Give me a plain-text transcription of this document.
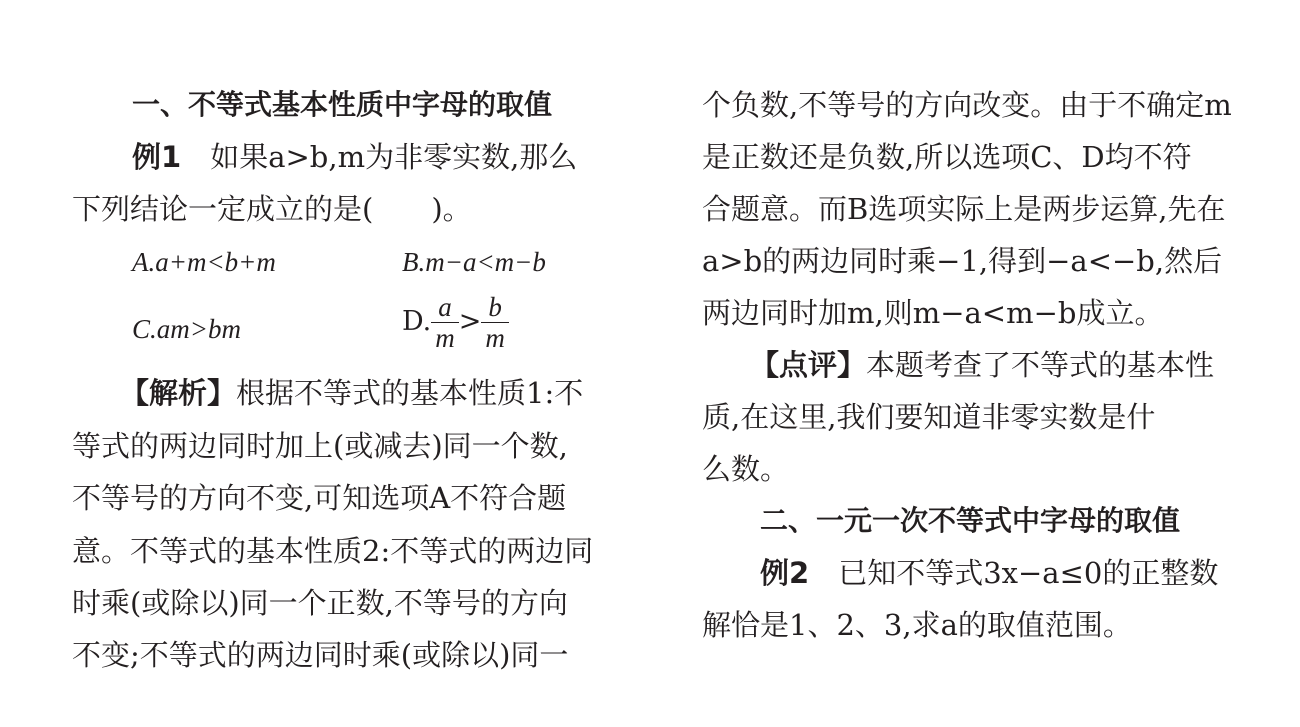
一、不等式基本性质中字母的取值
例1　 如果a>b,m为非零实数,那么
下列结论一定成立的是(　　)。
A.a+m<b+m	B.m−a<m−b
C.am>bm	D. $\frac{a}{m} > \frac{b}{m}$
【解析】根据不等式的基本性质1:不
等式的两边同时加上(或减去)同一个数,
不等号的方向不变,可知选项A不符合题
意。不等式的基本性质2:不等式的两边同
时乘(或除以)同一个正数,不等号的方向
不变;不等式的两边同时乘(或除以)同一
个负数,不等号的方向改变。由于不确定m
是正数还是负数,所以选项C、D均不符
合题意。而B选项实际上是两步运算,先在
a>b的两边同时乘−1,得到−a<−b,然后
两边同时加m,则m−a<m−b成立。
【点评】本题考查了不等式的基本性
质,在这里,我们要知道非零实数是什
么数。
二、一元一次不等式中字母的取值
例2　 已知不等式3x−a≤0的正整数
解恰是1、2、3,求a的取值范围。
